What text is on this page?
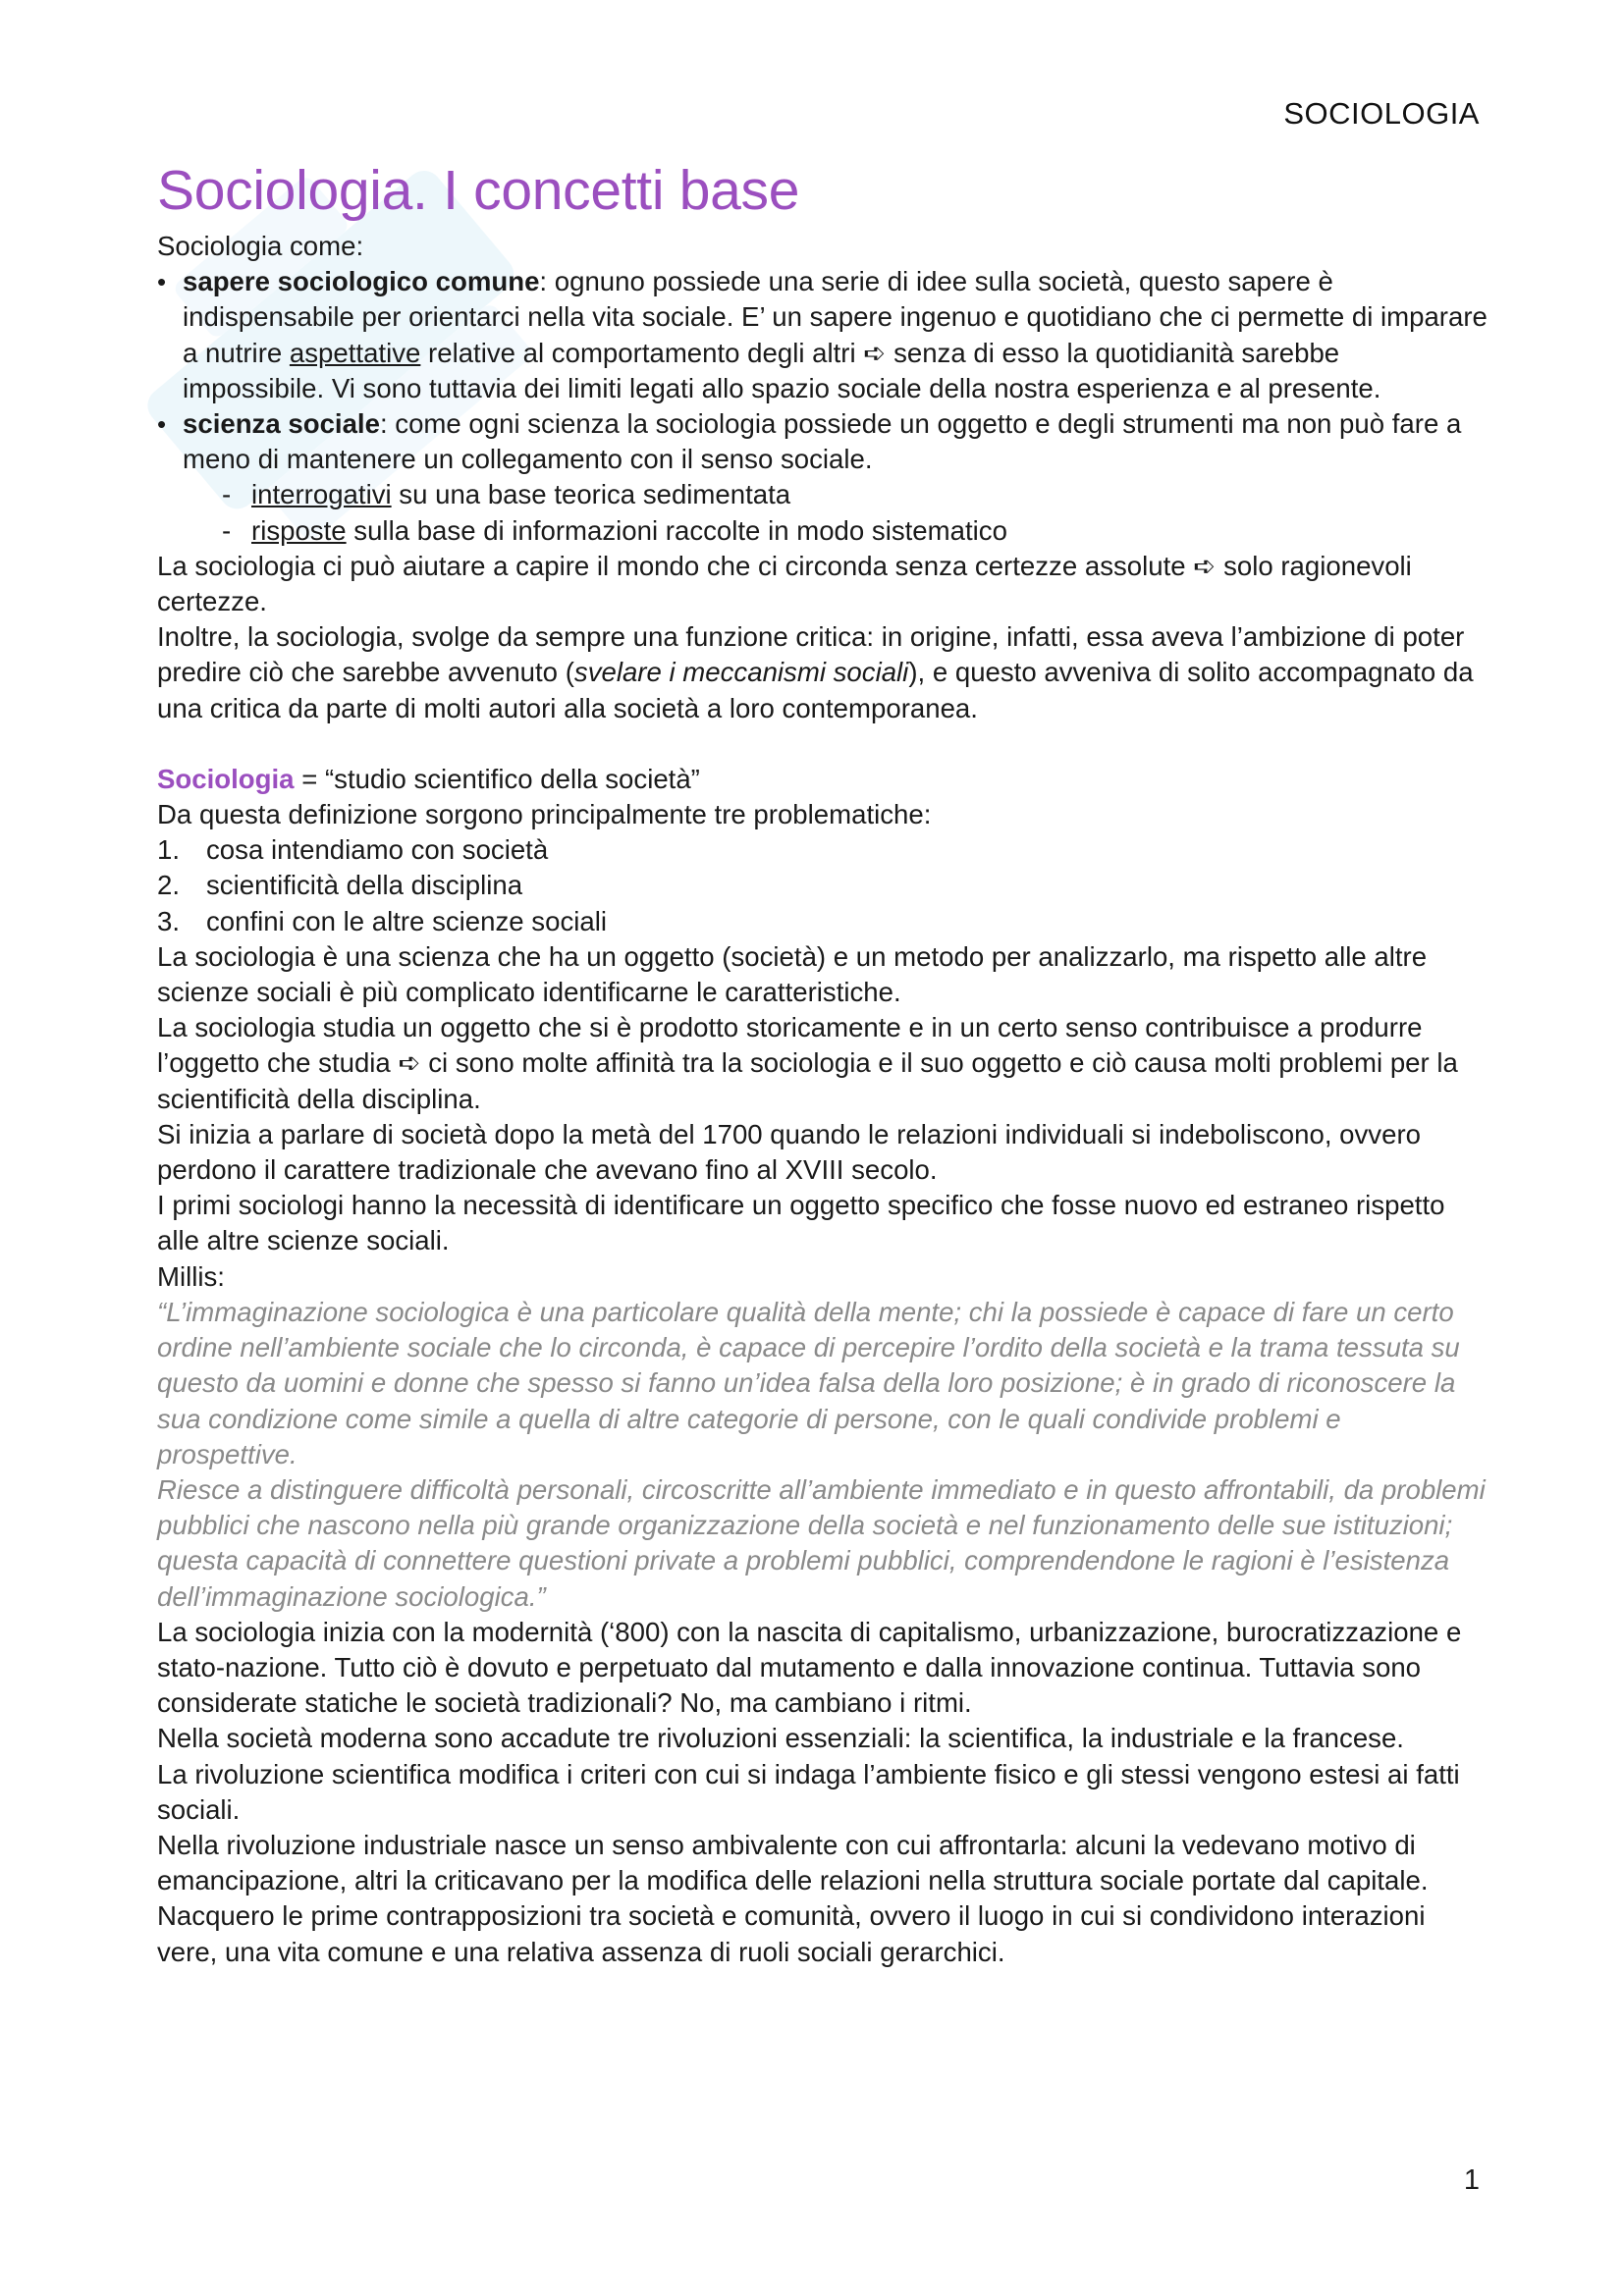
SOCIOLOGIA
Sociologia. I concetti base

Sociologia come:

• sapere sociologico comune: ognuno possiede una serie di idee sulla società, questo sapere è indispensabile per orientarci nella vita sociale. E’ un sapere ingenuo e quotidiano che ci permette di imparare a nutrire aspettative relative al comportamento degli altri ➪ senza di esso la quotidianità sarebbe impossibile. Vi sono tuttavia dei limiti legati allo spazio sociale della nostra esperienza e al presente.
• scienza sociale: come ogni scienza la sociologia possiede un oggetto e degli strumenti ma non può fare a meno di mantenere un collegamento con il senso sociale.
- interrogativi su una base teorica sedimentata
- risposte sulla base di informazioni raccolte in modo sistematico

La sociologia ci può aiutare a capire il mondo che ci circonda senza certezze assolute ➪ solo ragionevoli certezze.

Inoltre, la sociologia, svolge da sempre una funzione critica: in origine, infatti, essa aveva l’ambizione di poter predire ciò che sarebbe avvenuto (svelare i meccanismi sociali), e questo avveniva di solito accompagnato da una critica da parte di molti autori alla società a loro contemporanea.

Sociologia = “studio scientifico della società”

Da questa definizione sorgono principalmente tre problematiche:

1. cosa intendiamo con società
2. scientificità della disciplina
3. confini con le altre scienze sociali

La sociologia è una scienza che ha un oggetto (società) e un metodo per analizzarlo, ma rispetto alle altre scienze sociali è più complicato identificarne le caratteristiche.

La sociologia studia un oggetto che si è prodotto storicamente e in un certo senso contribuisce a produrre l’oggetto che studia ➪ ci sono molte affinità tra la sociologia e il suo oggetto e ciò causa molti problemi per la scientificità della disciplina.

Si inizia a parlare di società dopo la metà del 1700 quando le relazioni individuali si indeboliscono, ovvero perdono il carattere tradizionale che avevano fino al XVIII secolo.

I primi sociologi hanno la necessità di identificare un oggetto specifico che fosse nuovo ed estraneo rispetto alle altre scienze sociali.

Millis:

“L’immaginazione sociologica è una particolare qualità della mente; chi la possiede è capace di fare un certo ordine nell’ambiente sociale che lo circonda, è capace di percepire l’ordito della società e la trama tessuta su questo da uomini e donne che spesso si fanno un’idea falsa della loro posizione; è in grado di riconoscere la sua condizione come simile a quella di altre categorie di persone, con le quali condivide problemi e prospettive.

Riesce a distinguere difficoltà personali, circoscritte all’ambiente immediato e in questo affrontabili, da problemi pubblici che nascono nella più grande organizzazione della società e nel funzionamento delle sue istituzioni; questa capacità di connettere questioni private a problemi pubblici, comprendendone le ragioni è l’esistenza dell’immaginazione sociologica.”

La sociologia inizia con la modernità (‘800) con la nascita di capitalismo, urbanizzazione, burocratizzazione e stato-nazione. Tutto ciò è dovuto e perpetuato dal mutamento e dalla innovazione continua. Tuttavia sono considerate statiche le società tradizionali? No, ma cambiano i ritmi.

Nella società moderna sono accadute tre rivoluzioni essenziali: la scientifica, la industriale e la francese.

La rivoluzione scientifica modifica i criteri con cui si indaga l’ambiente fisico e gli stessi vengono estesi ai fatti sociali.

Nella rivoluzione industriale nasce un senso ambivalente con cui affrontarla: alcuni la vedevano motivo di emancipazione, altri la criticavano per la modifica delle relazioni nella struttura sociale portate dal capitale. Nacquero le prime contrapposizioni tra società e comunità, ovvero il luogo in cui si condividono interazioni vere, una vita comune e una relativa assenza di ruoli sociali gerarchici.

1
